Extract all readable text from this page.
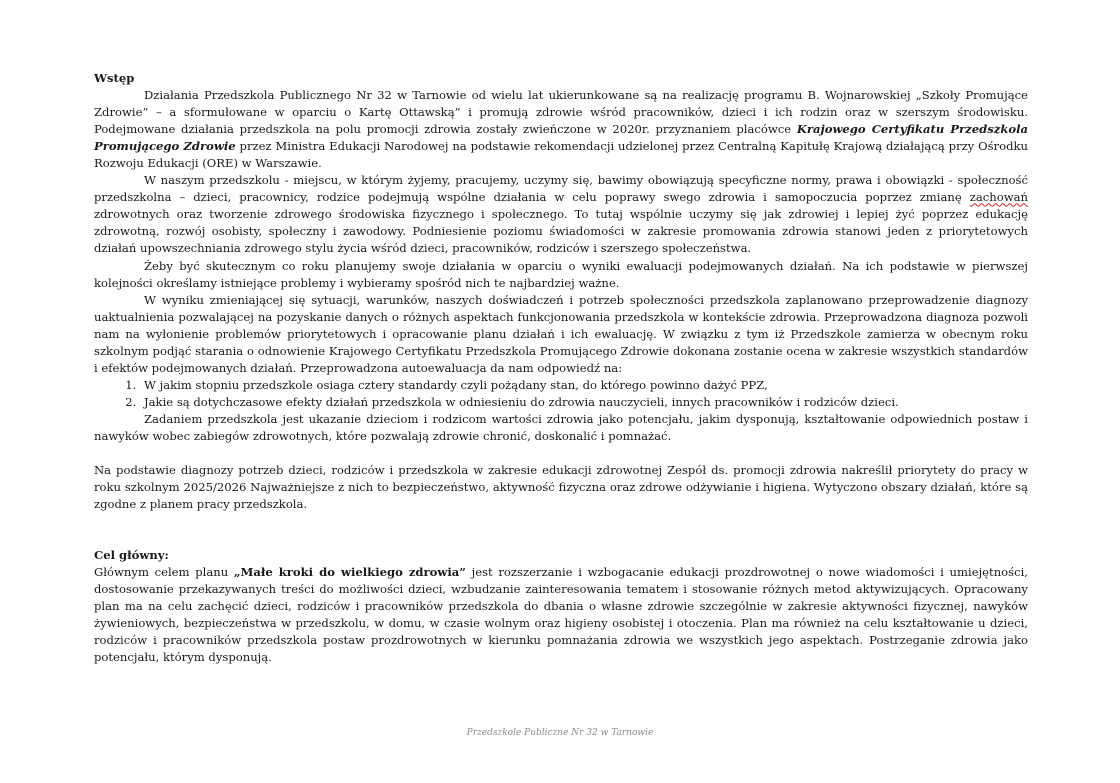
Wstęp

Działania Przedszkola Publicznego Nr 32 w Tarnowie od wielu lat ukierunkowane są na realizację programu B. Wojnarowskiej „Szkoły Promujące Zdrowie” – a sformułowane w oparciu o Kartę Ottawską” i promują zdrowie wśród pracowników, dzieci i ich rodzin oraz w szerszym środowisku. Podejmowane działania przedszkola na polu promocji zdrowia zostały zwieńczone w 2020r. przyznaniem placówce Krajowego Certyfikatu Przedszkola Promującego Zdrowie przez Ministra Edukacji Narodowej na podstawie rekomendacji udzielonej przez Centralną Kapitułę Krajową działającą przy Ośrodku Rozwoju Edukacji (ORE) w Warszawie.

W naszym przedszkolu - miejscu, w którym żyjemy, pracujemy, uczymy się, bawimy obowiązują specyficzne normy, prawa i obowiązki - społeczność przedszkolna – dzieci, pracownicy, rodzice podejmują wspólne działania w celu poprawy swego zdrowia i samopoczucia poprzez zmianę zachowań zdrowotnych oraz tworzenie zdrowego środowiska fizycznego i społecznego. To tutaj wspólnie uczymy się jak zdrowiej i lepiej żyć poprzez edukację zdrowotną, rozwój osobisty, społeczny i zawodowy. Podniesienie poziomu świadomości w zakresie promowania zdrowia stanowi jeden z priorytetowych działań upowszechniania zdrowego stylu życia wśród dzieci, pracowników, rodziców i szerszego społeczeństwa.

Żeby być skutecznym co roku planujemy swoje działania w oparciu o wyniki ewaluacji podejmowanych działań. Na ich podstawie w pierwszej kolejności określamy istniejące problemy i wybieramy spośród nich te najbardziej ważne.

W wyniku zmieniającej się sytuacji, warunków, naszych doświadczeń i potrzeb społeczności przedszkola zaplanowano przeprowadzenie diagnozy uaktualnienia pozwalającej na pozyskanie danych o różnych aspektach funkcjonowania przedszkola w kontekście zdrowia. Przeprowadzona diagnoza pozwoli nam na wyłonienie problemów priorytetowych i opracowanie planu działań i ich ewaluację. W związku z tym iż Przedszkole zamierza w obecnym roku szkolnym podjąć starania o odnowienie Krajowego Certyfikatu Przedszkola Promującego Zdrowie dokonana zostanie ocena w zakresie wszystkich standardów i efektów podejmowanych działań. Przeprowadzona autoewaluacja da nam odpowiedź na:

1. W jakim stopniu przedszkole osiaga cztery standardy czyli pożądany stan, do którego powinno dażyć PPZ,
2. Jakie są dotychczasowe efekty działań przedszkola w odniesieniu do zdrowia nauczycieli, innych pracowników i rodziców dzieci.

Zadaniem przedszkola jest ukazanie dzieciom i rodzicom wartości zdrowia jako potencjału, jakim dysponują, kształtowanie odpowiednich postaw i nawyków wobec zabiegów zdrowotnych, które pozwalają zdrowie chronić, doskonalić i pomnażać.

Na podstawie diagnozy potrzeb dzieci, rodziców i przedszkola w zakresie edukacji zdrowotnej Zespół ds. promocji zdrowia nakreślił priorytety do pracy w roku szkolnym 2025/2026 Najważniejsze z nich to bezpieczeństwo, aktywność fizyczna oraz zdrowe odżywianie i higiena. Wytyczono obszary działań, które są zgodne z planem pracy przedszkola.

Cel główny:

Głównym celem planu „Małe kroki do wielkiego zdrowia” jest rozszerzanie i wzbogacanie edukacji prozdrowotnej o nowe wiadomości i umiejętności, dostosowanie przekazywanych treści do możliwości dzieci, wzbudzanie zainteresowania tematem i stosowanie różnych metod aktywizujących. Opracowany plan ma na celu zachęcić dzieci, rodziców i pracowników przedszkola do dbania o własne zdrowie szczególnie w zakresie aktywności fizycznej, nawyków żywieniowych, bezpieczeństwa w przedszkolu, w domu, w czasie wolnym oraz higieny osobistej i otoczenia. Plan ma również na celu kształtowanie u dzieci, rodziców i pracowników przedszkola postaw prozdrowotnych w kierunku pomnażania zdrowia we wszystkich jego aspektach. Postrzeganie zdrowia jako potencjału, którym dysponują.

Przedszkole Publiczne Nr 32 w Tarnowie
